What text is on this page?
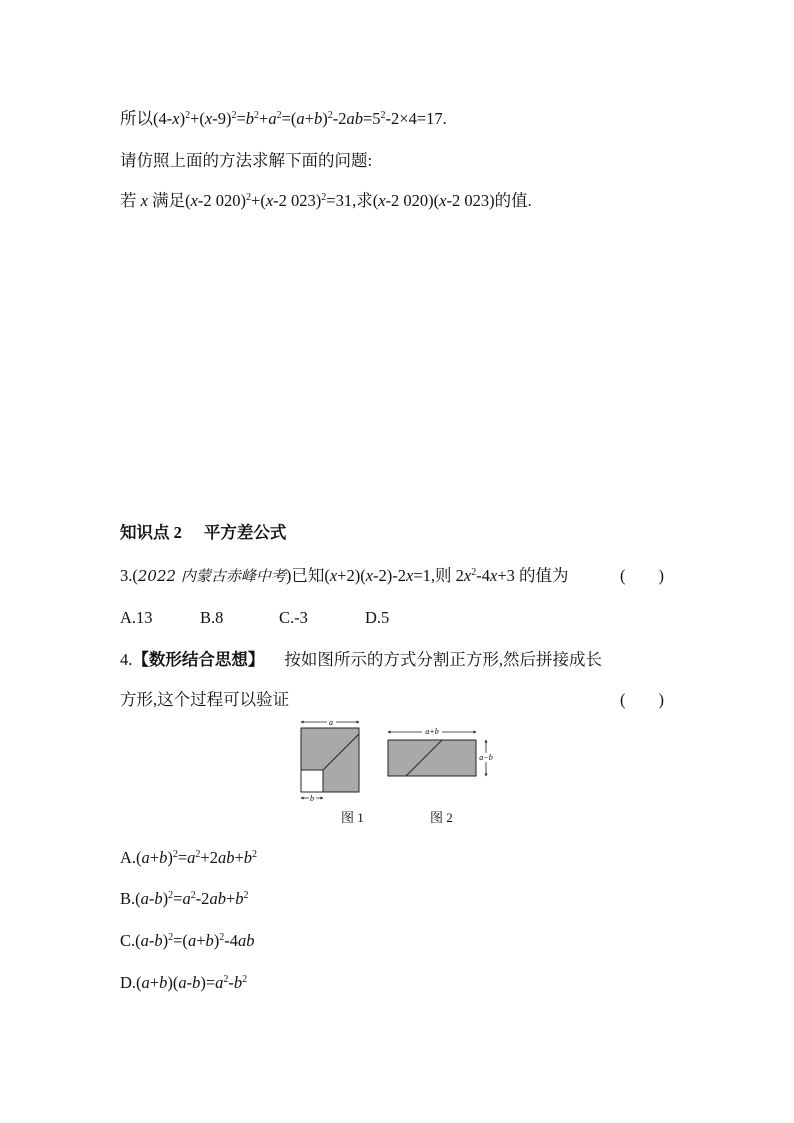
所以$(4-x)^2+(x-9)^2=b^2+a^2=(a+b)^2-2ab=5^2-2\times 4=17$.
请仿照上面的方法求解下面的问题:
若 x 满足(x-2 020)$^2$+(x-2 023)$^2$=31,求(x-2 020)(x-2 023)的值.
知识点 2 平方差公式
3.(2022 内蒙古赤峰中考)已知(x+2)(x-2)-2x=1,则 $2x^2-4x+3$ 的值为	(        )
A.13	B.8	C.-3	D.5
4.【数形结合思想】 按如图所示的方式分割正方形,然后拼接成长
方形,这个过程可以验证	(        )
a
b
a+b
a−b
图 1	图 2
$A.(a+b)^2=a^2+2ab+b^2$
$B.(a-b)^2=a^2-2ab+b^2$
$C.(a-b)^2=(a+b)^2-4ab$
$D.(a+b)(a-b)=a^2-b^2$
